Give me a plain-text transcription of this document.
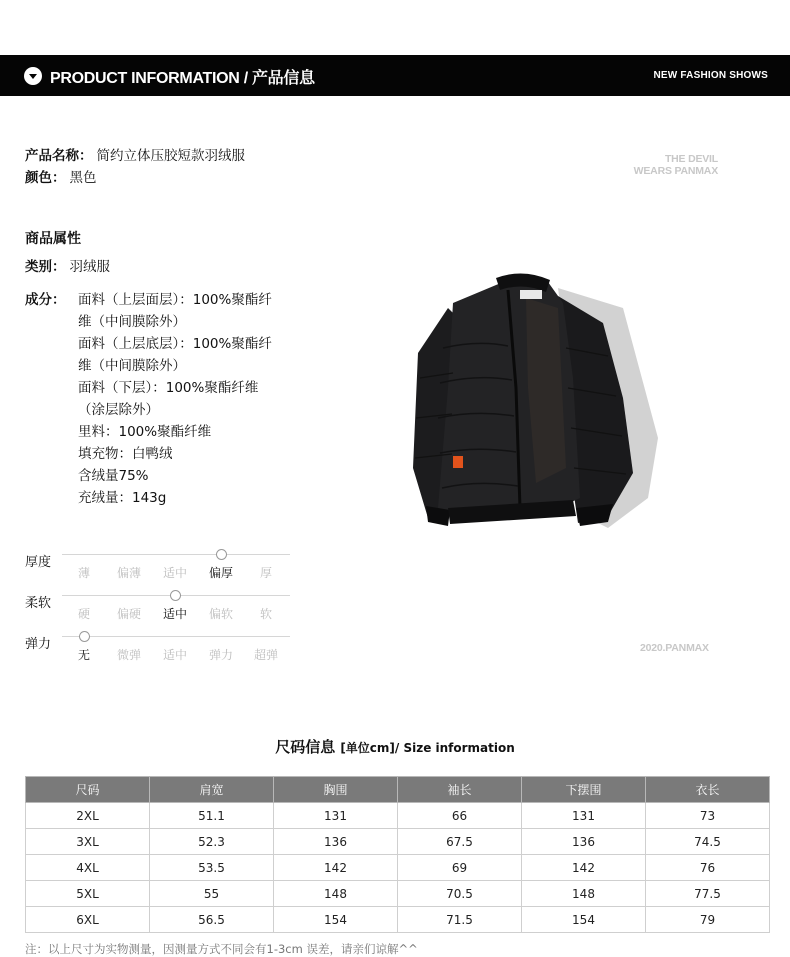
PRODUCT INFORMATION / 产品信息	NEW FASHION SHOWS
产品名称： 简约立体压胶短款羽绒服
颜色： 黑色
商品属性
类别： 羽绒服
成分： 面料（上层面层）：100%聚酯纤
维（中间膜除外）
面料（上层底层）：100%聚酯纤
维（中间膜除外）
面料（下层）：100%聚酯纤维
（涂层除外）
里料：100%聚酯纤维
填充物：白鸭绒
含绒量75%
充绒量：143g
THE DEVIL
WEARS PANMAX
2020.PANMAX
厚度
薄	偏薄	适中	偏厚	厚
柔软
硬	偏硬	适中	偏软	软
弹力
无	微弹	适中	弹力	超弹
尺码信息 [单位cm]/ Size information
尺码	肩宽	胸围	袖长	下摆围	衣长
2XL	51.1	131	66	131	73
3XL	52.3	136	67.5	136	74.5
4XL	53.5	142	69	142	76
5XL	55	148	70.5	148	77.5
6XL	56.5	154	71.5	154	79
注：以上尺寸为实物测量，因测量方式不同会有1-3cm 误差，请亲们谅解^^
